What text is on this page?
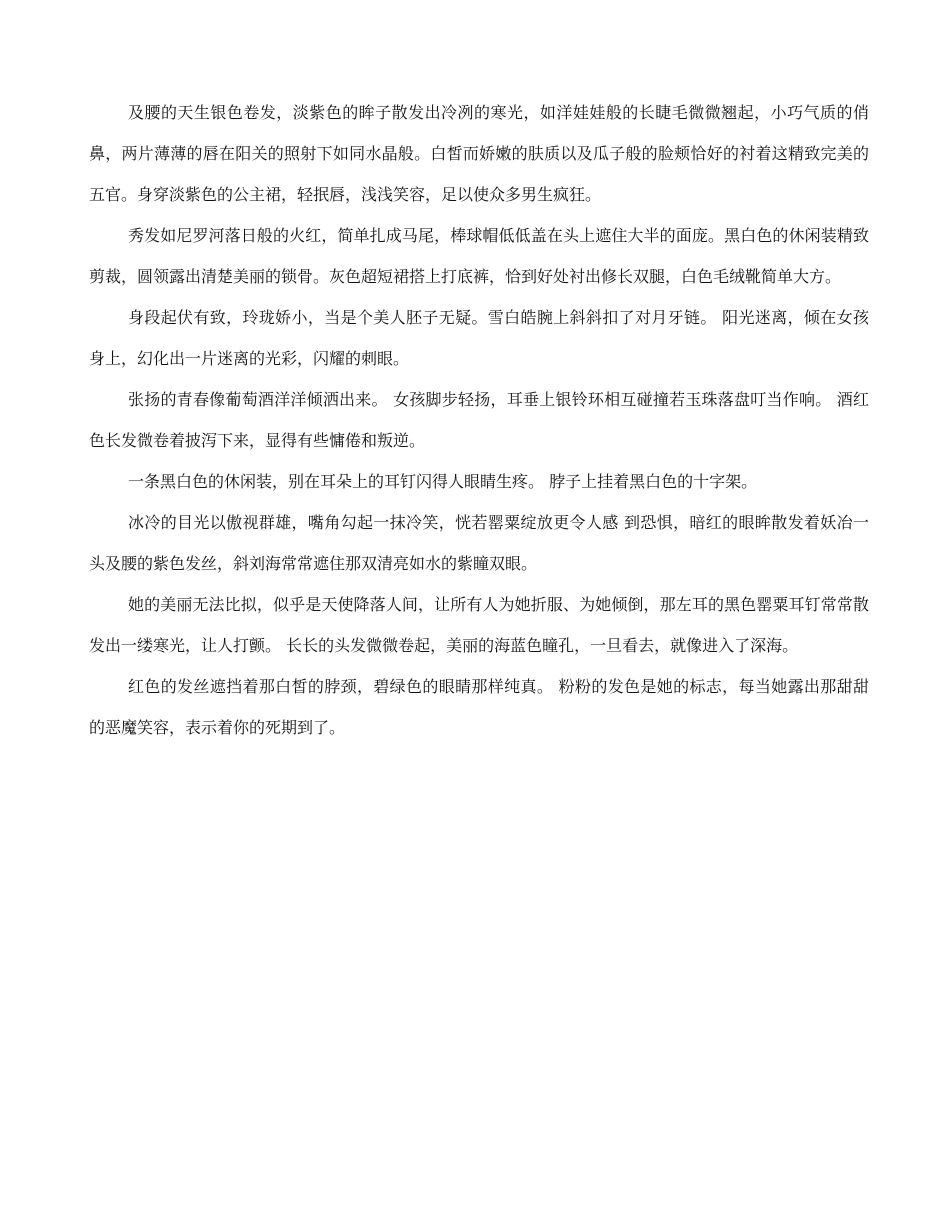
及腰的天生银色卷发，淡紫色的眸子散发出冷冽的寒光，如洋娃娃般的长睫毛微微翘起，小巧气质的俏鼻，两片薄薄的唇在阳关的照射下如同水晶般。白皙而娇嫩的肤质以及瓜子般的脸颊恰好的衬着这精致完美的五官。身穿淡紫色的公主裙，轻抿唇，浅浅笑容，足以使众多男生疯狂。

秀发如尼罗河落日般的火红，简单扎成马尾，棒球帽低低盖在头上遮住大半的面庞。黑白色的休闲装精致剪裁，圆领露出清楚美丽的锁骨。灰色超短裙搭上打底裤，恰到好处衬出修长双腿，白色毛绒靴简单大方。

身段起伏有致，玲珑娇小，当是个美人胚子无疑。雪白皓腕上斜斜扣了对月牙链。 阳光迷离，倾在女孩身上，幻化出一片迷离的光彩，闪耀的刺眼。

张扬的青春像葡萄酒洋洋倾洒出来。 女孩脚步轻扬，耳垂上银铃环相互碰撞若玉珠落盘叮当作响。 酒红色长发微卷着披泻下来，显得有些慵倦和叛逆。

一条黑白色的休闲装，别在耳朵上的耳钉闪得人眼睛生疼。 脖子上挂着黑白色的十字架。

冰冷的目光以傲视群雄，嘴角勾起一抹冷笑，恍若罂粟绽放更令人感 到恐惧，暗红的眼眸散发着妖冶一头及腰的紫色发丝，斜刘海常常遮住那双清亮如水的紫瞳双眼。

她的美丽无法比拟，似乎是天使降落人间，让所有人为她折服、为她倾倒，那左耳的黑色罂粟耳钉常常散发出一缕寒光，让人打颤。 长长的头发微微卷起，美丽的海蓝色瞳孔，一旦看去，就像进入了深海。

红色的发丝遮挡着那白皙的脖颈，碧绿色的眼睛那样纯真。 粉粉的发色是她的标志，每当她露出那甜甜的恶魔笑容，表示着你的死期到了。
